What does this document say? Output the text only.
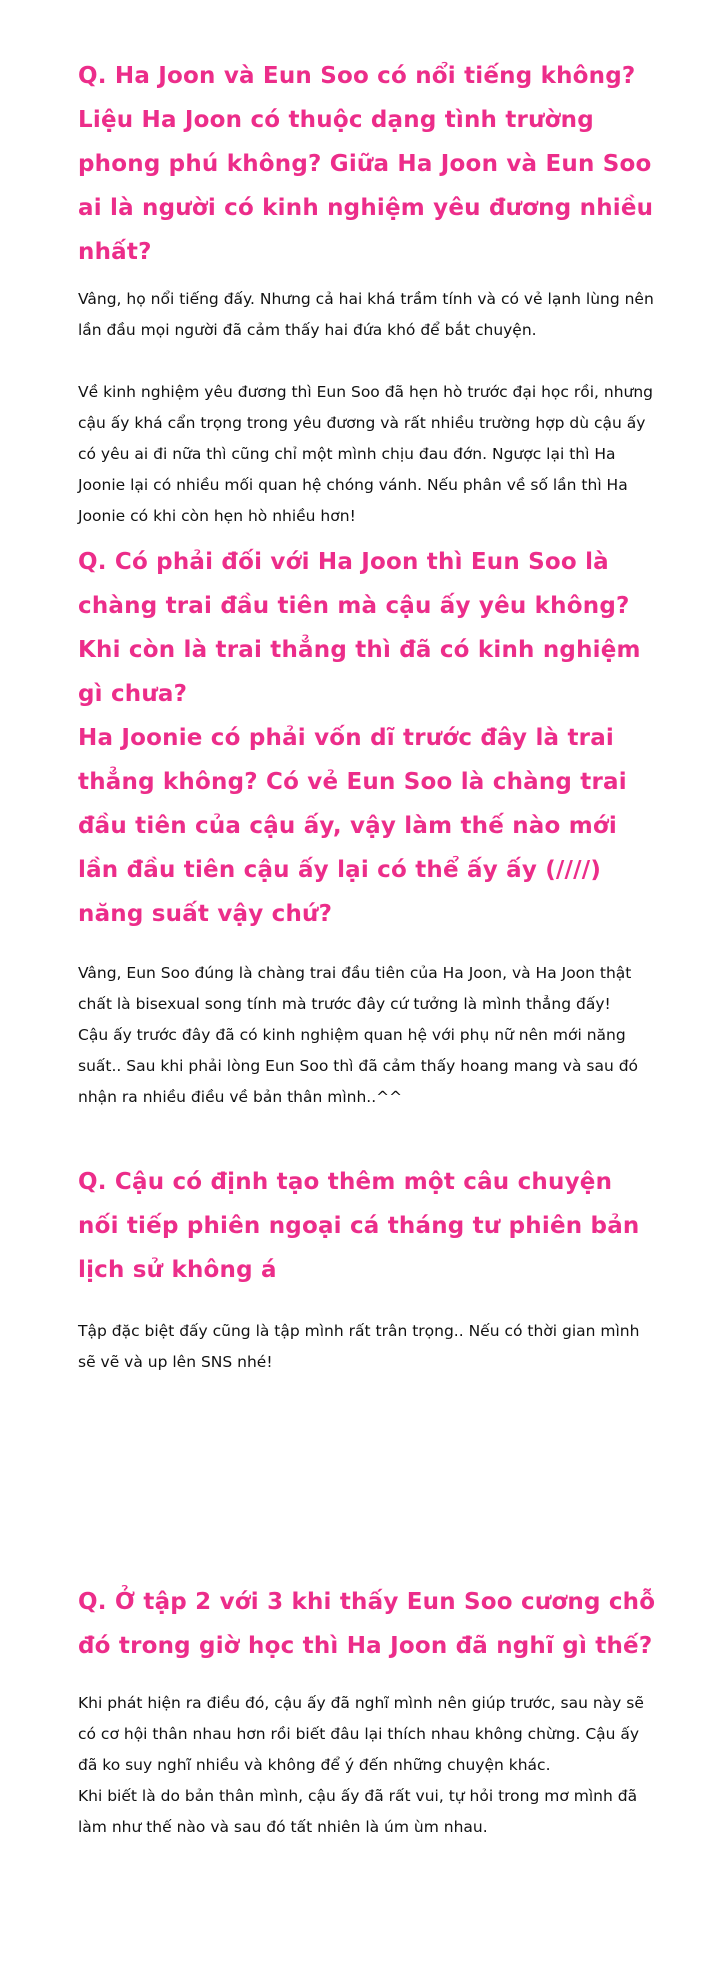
Q. Ha Joon và Eun Soo có nổi tiếng không? Liệu Ha Joon có thuộc dạng tình trường phong phú không? Giữa Ha Joon và Eun Soo ai là người có kinh nghiệm yêu đương nhiều nhất?

Vâng, họ nổi tiếng đấy. Nhưng cả hai khá trầm tính và có vẻ lạnh lùng nên lần đầu mọi người đã cảm thấy hai đứa khó để bắt chuyện.

Về kinh nghiệm yêu đương thì Eun Soo đã hẹn hò trước đại học rồi, nhưng cậu ấy khá cẩn trọng trong yêu đương và rất nhiều trường hợp dù cậu ấy có yêu ai đi nữa thì cũng chỉ một mình chịu đau đớn. Ngược lại thì Ha Joonie lại có nhiều mối quan hệ chóng vánh. Nếu phân về số lần thì Ha Joonie có khi còn hẹn hò nhiều hơn!

Q. Có phải đối với Ha Joon thì Eun Soo là chàng trai đầu tiên mà cậu ấy yêu không? Khi còn là trai thẳng thì đã có kinh nghiệm gì chưa?
Ha Joonie có phải vốn dĩ trước đây là trai thẳng không? Có vẻ Eun Soo là chàng trai đầu tiên của cậu ấy, vậy làm thế nào mới lần đầu tiên cậu ấy lại có thể ấy ấy (////) năng suất vậy chứ?

Vâng, Eun Soo đúng là chàng trai đầu tiên của Ha Joon, và Ha Joon thật chất là bisexual song tính mà trước đây cứ tưởng là mình thẳng đấy!
Cậu ấy trước đây đã có kinh nghiệm quan hệ với phụ nữ nên mới năng suất.. Sau khi phải lòng Eun Soo thì đã cảm thấy hoang mang và sau đó nhận ra nhiều điều về bản thân mình..^^

Q. Cậu có định tạo thêm một câu chuyện nối tiếp phiên ngoại cá tháng tư phiên bản lịch sử không á

Tập đặc biệt đấy cũng là tập mình rất trân trọng.. Nếu có thời gian mình sẽ vẽ và up lên SNS nhé!

Q. Ở tập 2 với 3 khi thấy Eun Soo cương chỗ đó trong giờ học thì Ha Joon đã nghĩ gì thế?

Khi phát hiện ra điều đó, cậu ấy đã nghĩ mình nên giúp trước, sau này sẽ có cơ hội thân nhau hơn rồi biết đâu lại thích nhau không chừng. Cậu ấy đã ko suy nghĩ nhiều và không để ý đến những chuyện khác.
Khi biết là do bản thân mình, cậu ấy đã rất vui, tự hỏi trong mơ mình đã làm như thế nào và sau đó tất nhiên là úm ùm nhau.
